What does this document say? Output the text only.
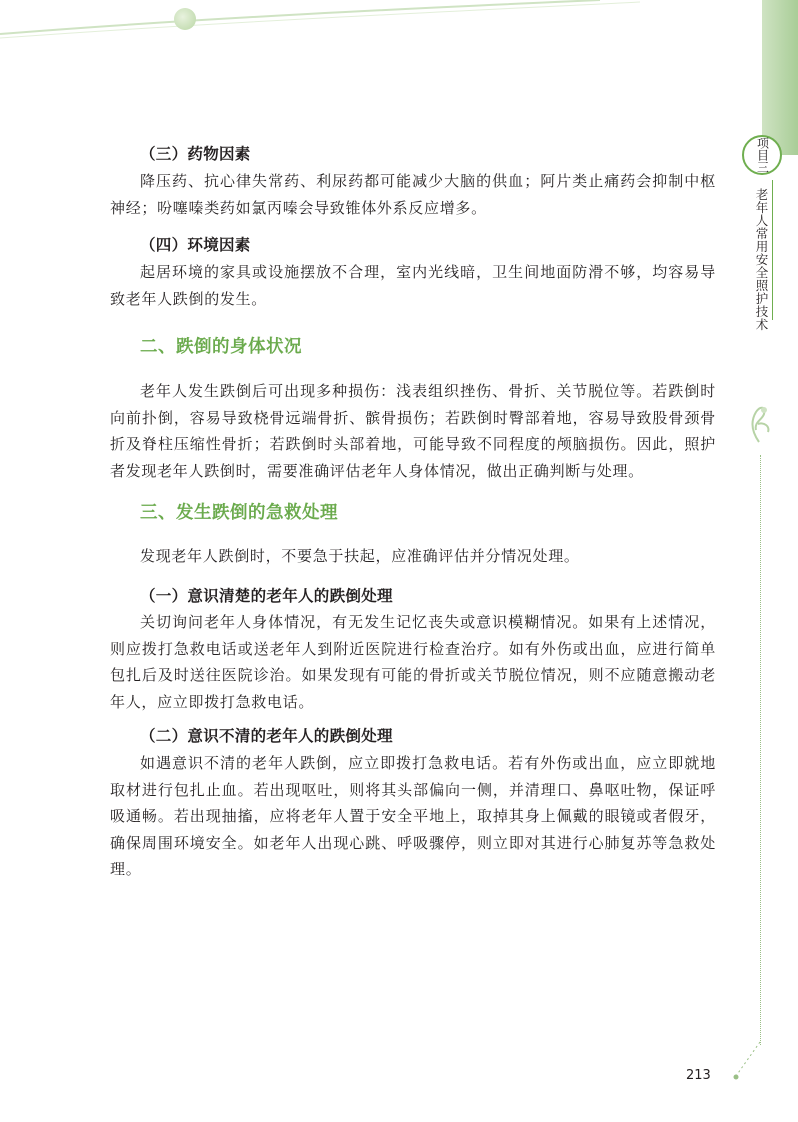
项目三
老年人常用安全照护技术
（三）药物因素
降压药、抗心律失常药、利尿药都可能减少大脑的供血；阿片类止痛药会抑制中枢神经；吩噻嗪类药如氯丙嗪会导致锥体外系反应增多。
（四）环境因素
起居环境的家具或设施摆放不合理，室内光线暗，卫生间地面防滑不够，均容易导致老年人跌倒的发生。
二、跌倒的身体状况
老年人发生跌倒后可出现多种损伤：浅表组织挫伤、骨折、关节脱位等。若跌倒时向前扑倒，容易导致桡骨远端骨折、髌骨损伤；若跌倒时臀部着地，容易导致股骨颈骨折及脊柱压缩性骨折；若跌倒时头部着地，可能导致不同程度的颅脑损伤。因此，照护者发现老年人跌倒时，需要准确评估老年人身体情况，做出正确判断与处理。
三、发生跌倒的急救处理
发现老年人跌倒时，不要急于扶起，应准确评估并分情况处理。
（一）意识清楚的老年人的跌倒处理
关切询问老年人身体情况，有无发生记忆丧失或意识模糊情况。如果有上述情况，则应拨打急救电话或送老年人到附近医院进行检查治疗。如有外伤或出血，应进行简单包扎后及时送往医院诊治。如果发现有可能的骨折或关节脱位情况，则不应随意搬动老年人，应立即拨打急救电话。
（二）意识不清的老年人的跌倒处理
如遇意识不清的老年人跌倒，应立即拨打急救电话。若有外伤或出血，应立即就地取材进行包扎止血。若出现呕吐，则将其头部偏向一侧，并清理口、鼻呕吐物，保证呼吸通畅。若出现抽搐，应将老年人置于安全平地上，取掉其身上佩戴的眼镜或者假牙，确保周围环境安全。如老年人出现心跳、呼吸骤停，则立即对其进行心肺复苏等急救处理。
213
